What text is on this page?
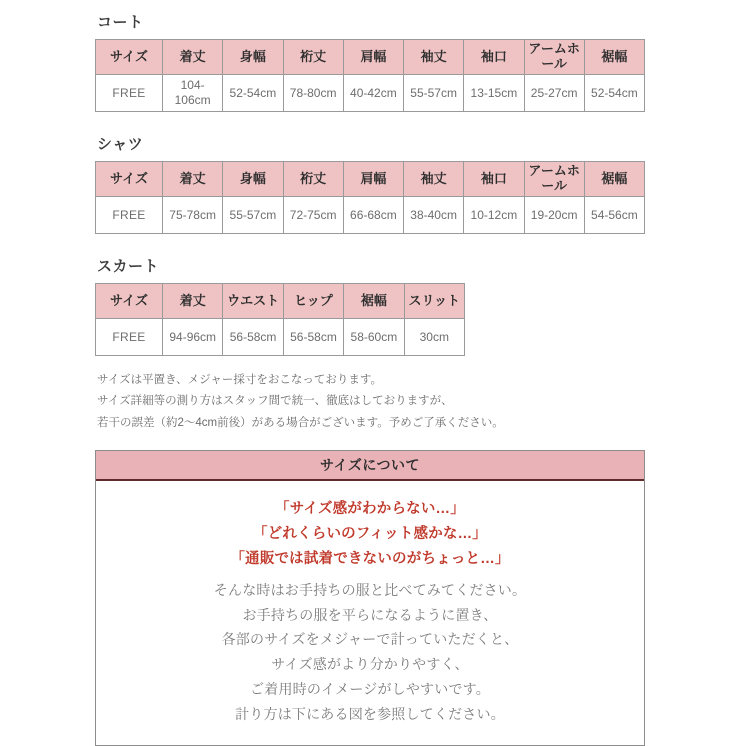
コート
サイズ	着丈	身幅	裄丈	肩幅	袖丈	袖口	アームホール	裾幅
FREE	104-106cm	52-54cm	78-80cm	40-42cm	55-57cm	13-15cm	25-27cm	52-54cm
シャツ
サイズ	着丈	身幅	裄丈	肩幅	袖丈	袖口	アームホール	裾幅
FREE	75-78cm	55-57cm	72-75cm	66-68cm	38-40cm	10-12cm	19-20cm	54-56cm
スカート
サイズ	着丈	ウエスト	ヒップ	裾幅	スリット
FREE	94-96cm	56-58cm	56-58cm	58-60cm	30cm
サイズは平置き、メジャー採寸をおこなっております。
サイズ詳細等の測り方はスタッフ間で統一、徹底はしておりますが、
若干の誤差（約2～4cm前後）がある場合がございます。予めご了承ください。
サイズについて
「サイズ感がわからない…」
「どれくらいのフィット感かな…」
「通販では試着できないのがちょっと…」
そんな時はお手持ちの服と比べてみてください。
お手持ちの服を平らになるように置き、
各部のサイズをメジャーで計っていただくと、
サイズ感がより分かりやすく、
ご着用時のイメージがしやすいです。
計り方は下にある図を参照してください。
